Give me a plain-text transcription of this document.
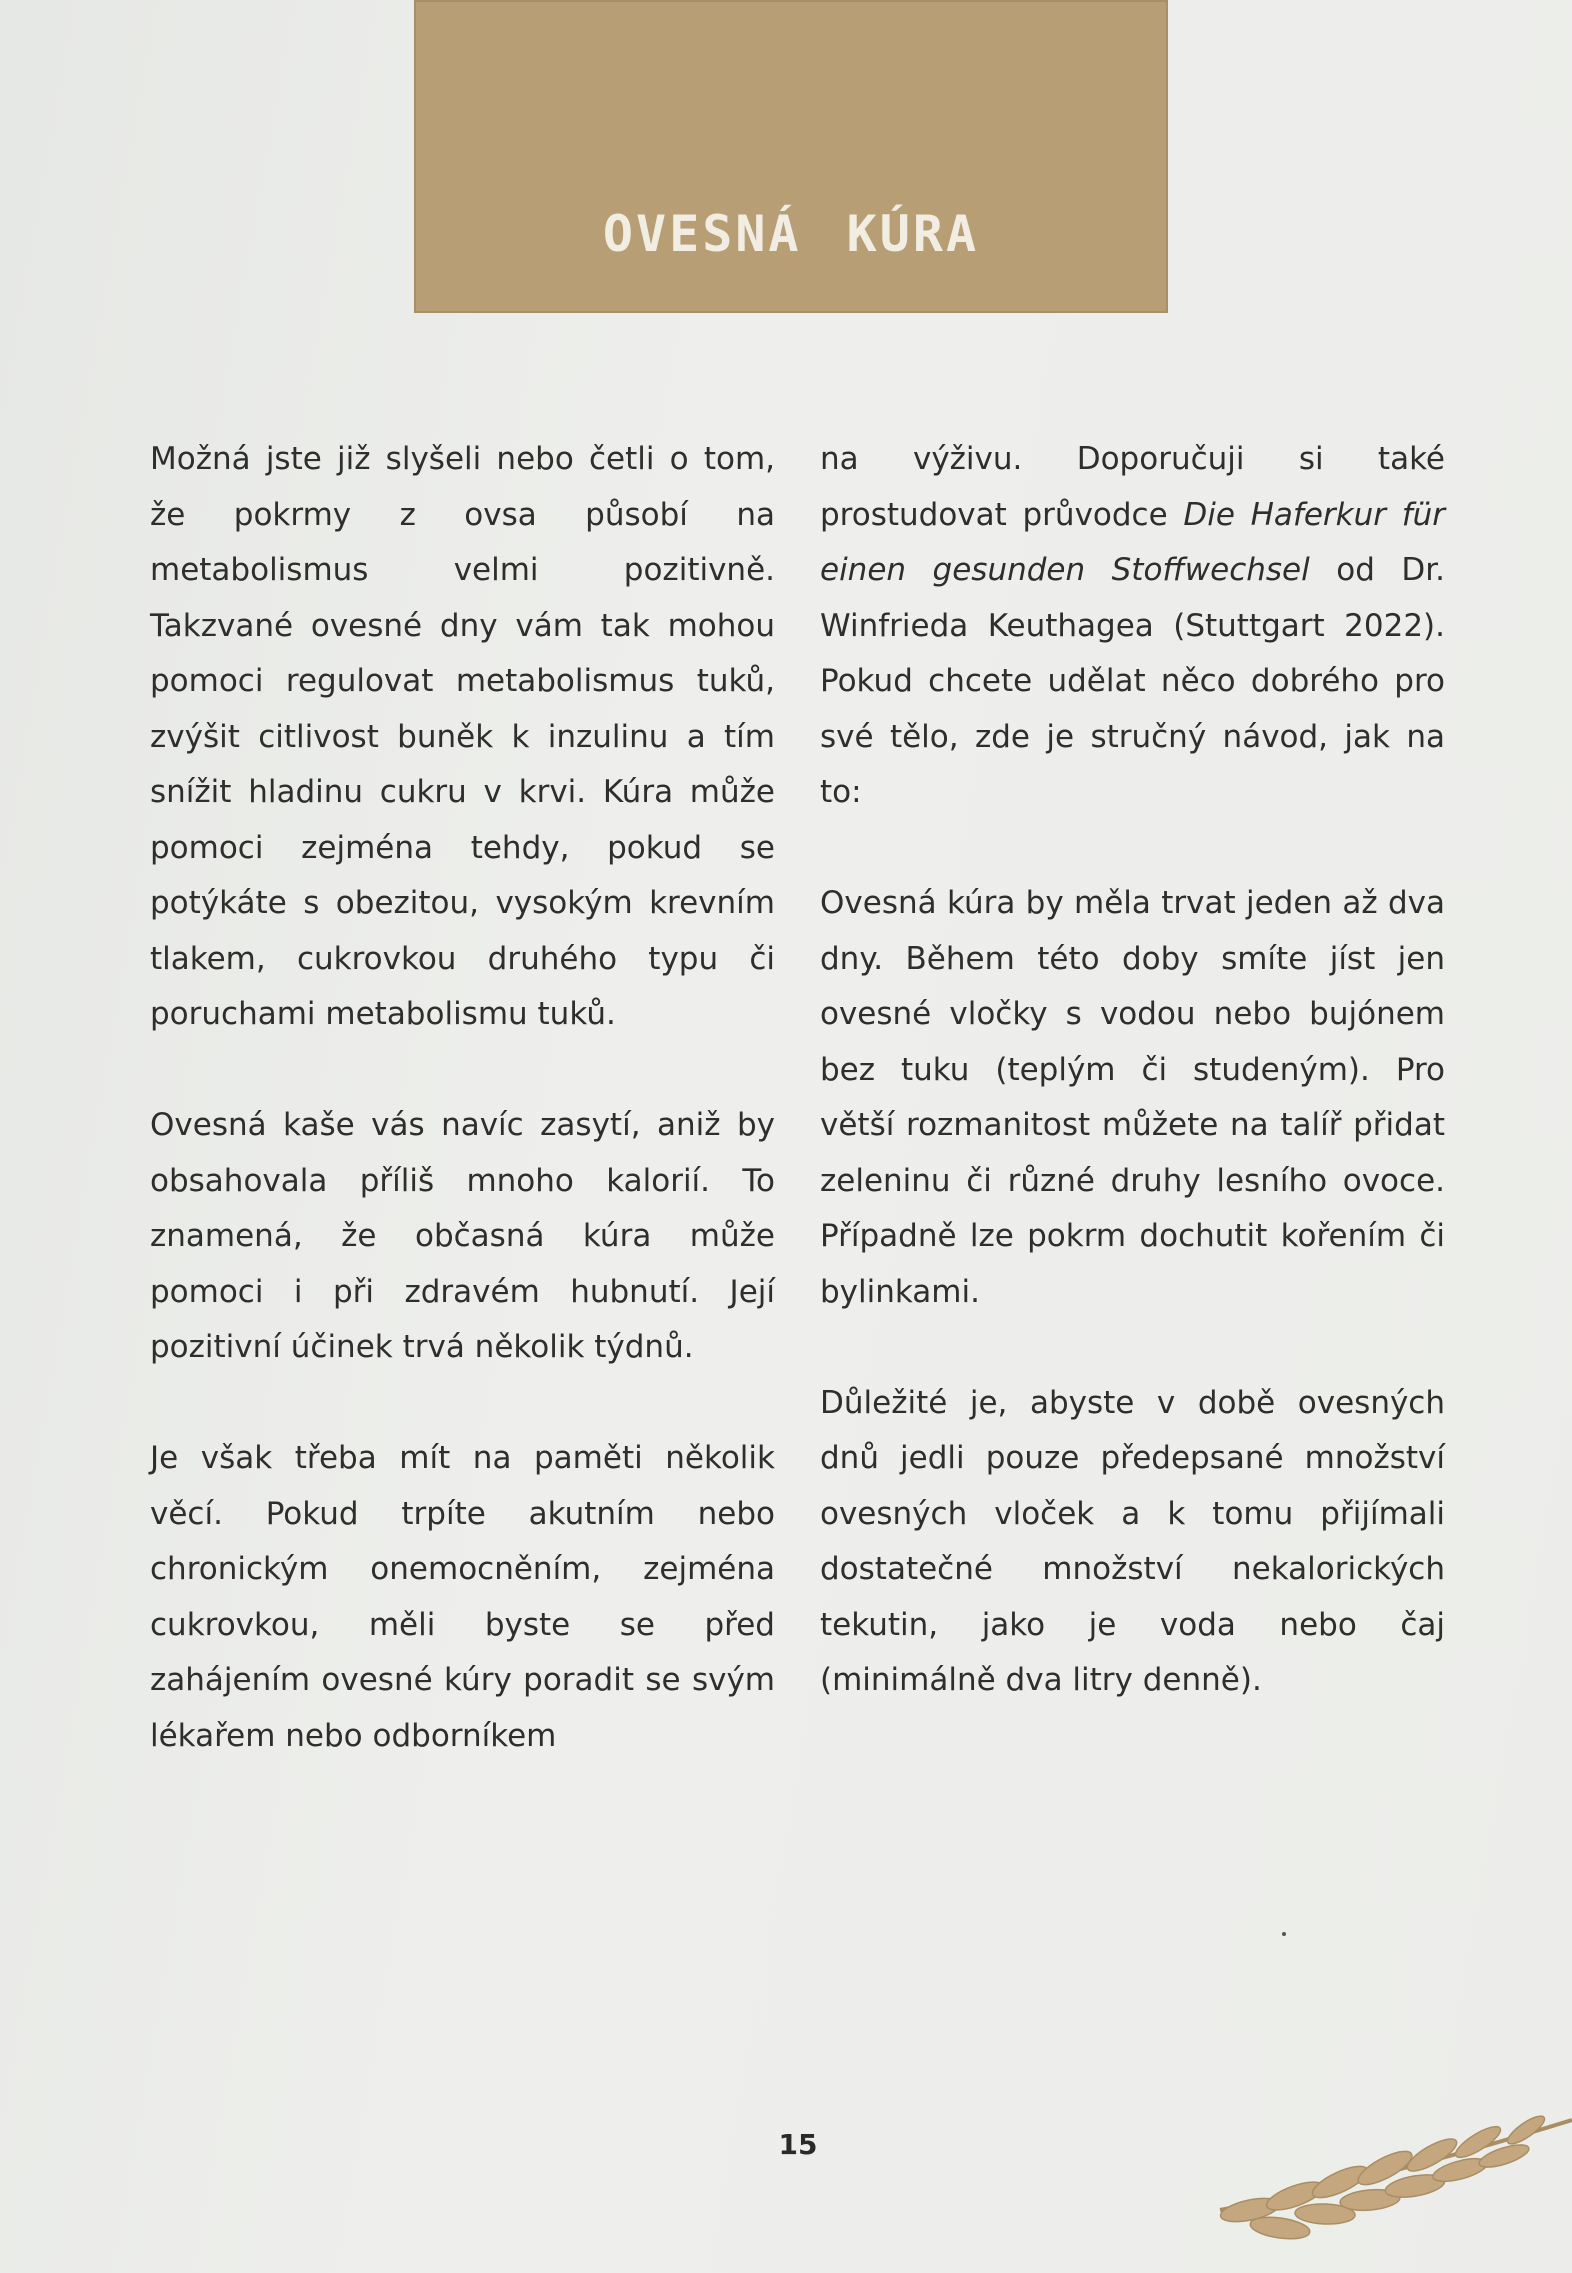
OVESNÁ KÚRA

Možná jste již slyšeli nebo četli o tom, že pokrmy z ovsa působí na metabolismus velmi pozitivně. Takzvané ovesné dny vám tak mohou pomoci regulovat metabolismus tuků, zvýšit citlivost buněk k inzulinu a tím snížit hladinu cukru v krvi. Kúra může pomoci zejména tehdy, pokud se potýkáte s obezitou, vysokým krevním tlakem, cukrovkou druhého typu či poruchami metabolismu tuků.

Ovesná kaše vás navíc zasytí, aniž by obsahovala příliš mnoho kalorií. To znamená, že občasná kúra může pomoci i při zdravém hubnutí. Její pozitivní účinek trvá několik týdnů.

Je však třeba mít na paměti několik věcí. Pokud trpíte akutním nebo chronickým onemocněním, zejména cukrovkou, měli byste se před zahájením ovesné kúry poradit se svým lékařem nebo odborníkem

na výživu. Doporučuji si také prostudovat průvodce Die Haferkur für einen gesunden Stoffwechsel od Dr. Winfrieda Keuthagea (Stuttgart 2022). Pokud chcete udělat něco dobrého pro své tělo, zde je stručný návod, jak na to:

Ovesná kúra by měla trvat jeden až dva dny. Během této doby smíte jíst jen ovesné vločky s vodou nebo bujónem bez tuku (teplým či studeným). Pro větší rozmanitost můžete na talíř přidat zeleninu či různé druhy lesního ovoce. Případně lze pokrm dochutit kořením či bylinkami.

Důležité je, abyste v době ovesných dnů jedli pouze předepsané množství ovesných vloček a k tomu přijímali dostatečné množství nekalorických tekutin, jako je voda nebo čaj (minimálně dva litry denně).

15
